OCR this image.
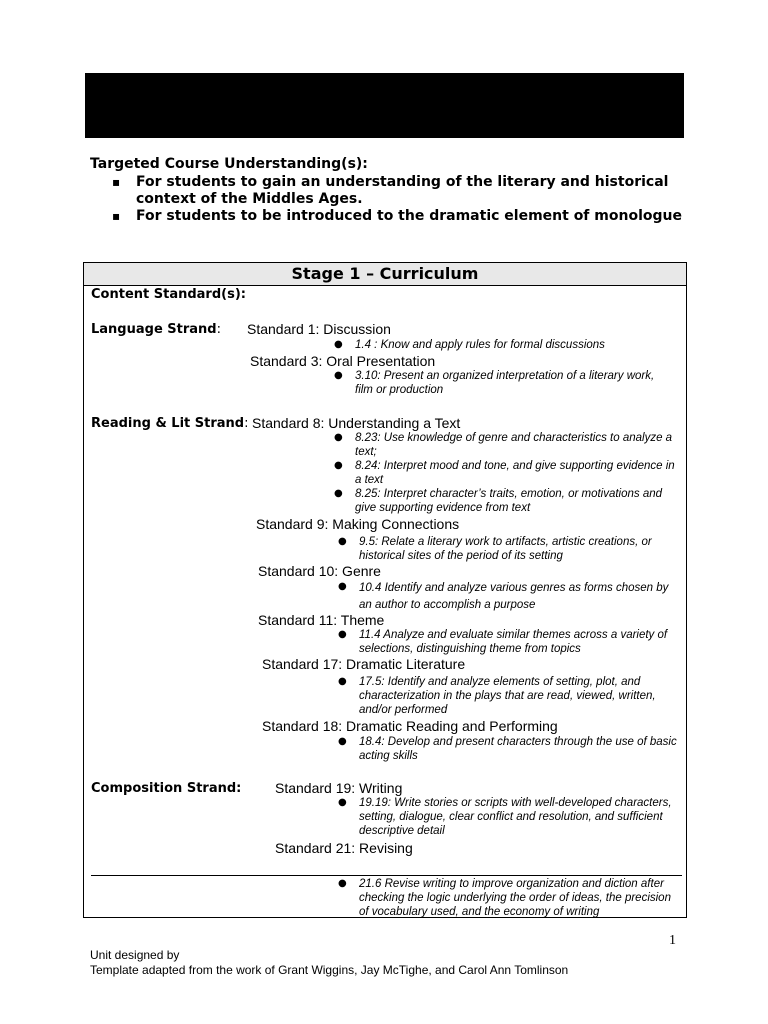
Targeted Course Understanding(s):
▪ For students to gain an understanding of the literary and historical context of the Middles Ages.
▪ For students to be introduced to the dramatic element of monologue
Stage 1 – Curriculum
Content Standard(s):
Language Strand:
Reading & Lit Strand:
Composition Strand:
Standard 1: Discussion
● 1.4 : Know and apply rules for formal discussions
Standard 3: Oral Presentation
● 3.10: Present an organized interpretation of a literary work, film or production
Standard 8: Understanding a Text
● 8.23: Use knowledge of genre and characteristics to analyze a text;
● 8.24: Interpret mood and tone, and give supporting evidence in a text
● 8.25: Interpret character’s traits, emotion, or motivations and give supporting evidence from text
Standard 9: Making Connections
● 9.5: Relate a literary work to artifacts, artistic creations, or historical sites of the period of its setting
Standard 10: Genre
● 10.4 Identify and analyze various genres as forms chosen by an author to accomplish a purpose
Standard 11: Theme
● 11.4 Analyze and evaluate similar themes across a variety of selections, distinguishing theme from topics
Standard 17: Dramatic Literature
● 17.5: Identify and analyze elements of setting, plot, and characterization in the plays that are read, viewed, written, and/or performed
Standard 18: Dramatic Reading and Performing
● 18.4: Develop and present characters through the use of basic acting skills
Standard 19: Writing
● 19.19: Write stories or scripts with well-developed characters, setting, dialogue, clear conflict and resolution, and sufficient descriptive detail
Standard 21: Revising
● 21.6 Revise writing to improve organization and diction after checking the logic underlying the order of ideas, the precision of vocabulary used, and the economy of writing
1
Unit designed by
Template adapted from the work of Grant Wiggins, Jay McTighe, and Carol Ann Tomlinson
